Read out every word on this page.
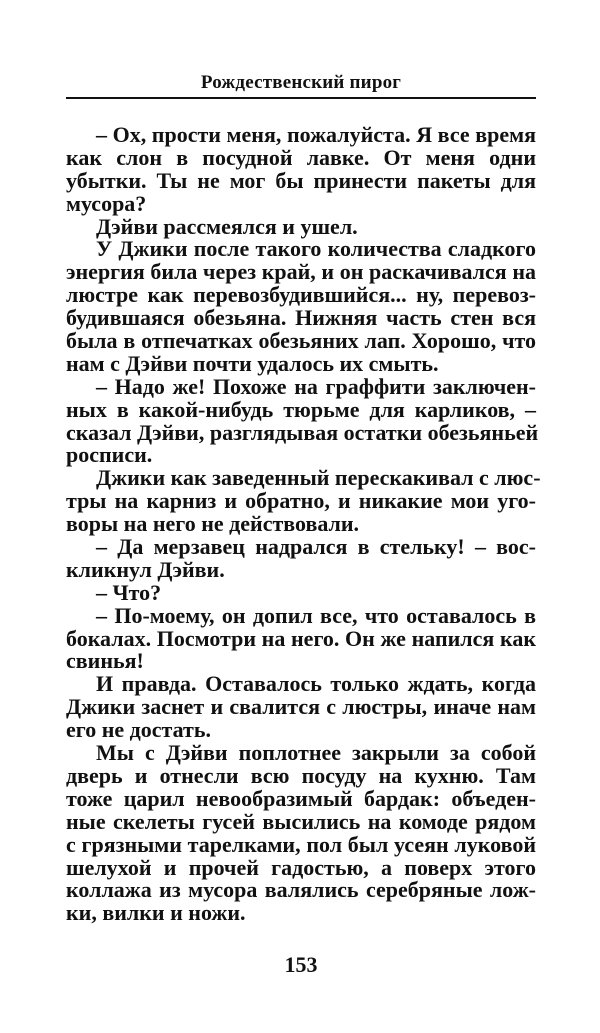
Рождественский пирог
– Ох, прости меня, пожалуйста. Я все время
как слон в посудной лавке. От меня одни
убытки. Ты не мог бы принести пакеты для
мусора?
Дэйви рассмеялся и ушел.
У Джики после такого количества сладкого
энергия била через край, и он раскачивался на
люстре как перевозбудившийся... ну, перевоз-
будившаяся обезьяна. Нижняя часть стен вся
была в отпечатках обезьяних лап. Хорошо, что
нам с Дэйви почти удалось их смыть.
– Надо же! Похоже на граффити заключен-
ных в какой-нибудь тюрьме для карликов, –
сказал Дэйви, разглядывая остатки обезьяньей
росписи.
Джики как заведенный перескакивал с люс-
тры на карниз и обратно, и никакие мои уго-
воры на него не действовали.
– Да мерзавец надрался в стельку! – вос-
кликнул Дэйви.
– Что?
– По-моему, он допил все, что оставалось в
бокалах. Посмотри на него. Он же напился как
свинья!
И правда. Оставалось только ждать, когда
Джики заснет и свалится с люстры, иначе нам
его не достать.
Мы с Дэйви поплотнее закрыли за собой
дверь и отнесли всю посуду на кухню. Там
тоже царил невообразимый бардак: объеден-
ные скелеты гусей высились на комоде рядом
с грязными тарелками, пол был усеян луковой
шелухой и прочей гадостью, а поверх этого
коллажа из мусора валялись серебряные лож-
ки, вилки и ножи.
153
